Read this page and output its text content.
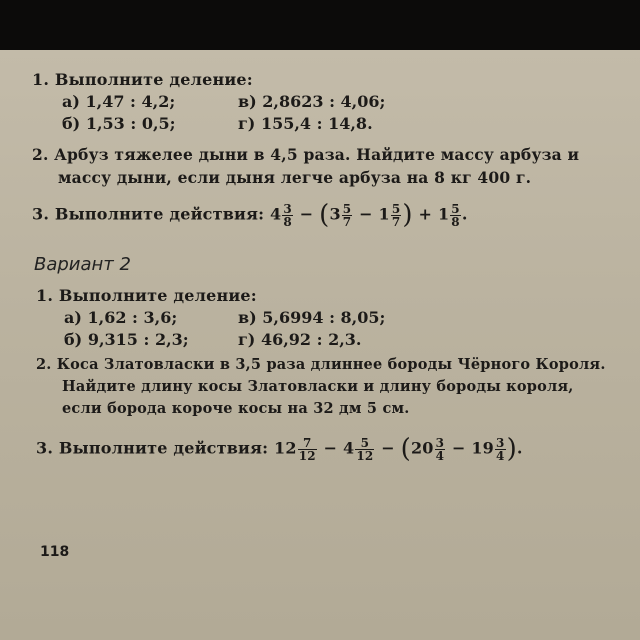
1. Выполните деление:
а) 1,47 : 4,2;	в) 2,8623 : 4,06;
б) 1,53 : 0,5;	г) 155,4 : 14,8.
2. Арбуз тяжелее дыни в 4,5 раза. Найдите массу арбуза и
массу дыни, если дыня легче арбуза на 8 кг 400 г.
3. Выполните действия: $4 \frac{3}{8} - (3 \frac{5}{7} - 1 \frac{5}{7}$ ) + $1 \frac{5}{8}$ .
Вариант 2
1. Выполните деление:
а) 1,62 : 3,6;	в) 5,6994 : 8,05;
б) 9,315 : 2,3;	г) 46,92 : 2,3.
2. Коса Златовласки в 3,5 раза длиннее бороды Чёрного Короля.
Найдите длину косы Златовласки и длину бороды короля,
если борода короче косы на 32 дм 5 см.
3. Выполните действия: $12 \frac{7}{12} - 4 \frac{5}{12} - (20 \frac{3}{4} - 19 \frac{3}{4}$ ).
118
